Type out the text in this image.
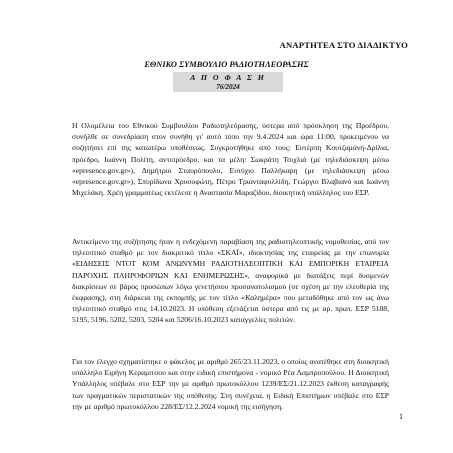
ΑΝΑΡΤΗΤΕΑ ΣΤΟ ΔΙΑΔΙΚΤΥΟ
ΕΘΝΙΚΟ ΣΥΜΒΟΥΛΙΟ ΡΑΔΙΟΤΗΛΕΟΡΑΣΗΣ
Α Π Ο Φ Α Σ Η
76/2024

Η Ολομέλεια του Εθνικού Συμβουλίου Ραδιοτηλεόρασης, ύστερα από πρόσκληση της Προέδρου, συνήλθε σε συνεδρίαση στον συνήθη γι' αυτό τόπο την 9.4.2024 και ώρα 11:00, προκειμένου να συζητήσει επί της κατωτέρω υποθέσεως. Συγκροτήθηκε από τους: Ευτέρπη Κουτζαμάνη-Δρίλια, πρόεδρο, Ιωάννη Πολίτη, αντιπρόεδρο, και τα μέλη: Σωκράτη Τσιχλιά (με τηλεδιάσκεψη μέσω «epresence.gov.gr»), Δημήτριο Σταυρόπουλο, Ευτύχιο Παλλήκαρη (με τηλεδιάσκεψη μέσω «epresence.gov.gr»), Σπυρίδωνα Χρυσοφώτη, Πέτρο Τριανταφυλλίδη, Γεώργιο Βλαβιανό και Ιωάννη Μιχελάκη. Χρέη γραμματέως εκτέλεσε η Αναστασία Μαραζίδου, διοικητική υπάλληλος του ΕΣΡ.

Αντικείμενο της συζήτησης ήταν η ενδεχόμενη παραβίαση της ραδιοτηλεοπτικής νομοθεσίας, από τον τηλεοπτικό σταθμό με τον διακριτικό τίτλο «ΣΚΑΪ», ιδιοκτησίας της εταιρείας με την επωνυμία «ΕΙΔΗΣΕΙΣ ΝΤΟΤ ΚΟΜ ΑΝΩΝΥΜΗ ΡΑΔΙΟΤΗΛΕΟΠΤΙΚΗ ΚΑΙ ΕΜΠΟΡΙΚΗ ΕΤΑΙΡΕΙΑ ΠΑΡΟΧΗΣ ΠΛΗΡΟΦΟΡΙΩΝ ΚΑΙ ΕΝΗΜΕΡΩΣΗΣ», αναφορικά με διατάξεις περί δυσμενών διακρίσεων σε βάρος προσώπων λόγω γενετήσιου προσανατολισμού (σε σχέση με την ελευθερία της έκφρασης), στη διάρκεια της εκπομπής με τον τίτλο «Καλημέρα» που μεταδόθηκε από τον ως άνω τηλεοπτικό σταθμό στις 14.10.2023. Η υπόθεση εξετάζεται ύστερα από τις με αρ. πρωτ. ΕΣΡ 5188, 5195, 5196, 5202, 5203, 5204 και 5206/16.10.2023 καταγγελίες πολιτών.

Για τον έλεγχο σχηματίστηκε ο φάκελος με αριθμό 265/23.11.2023, ο οποίος ανατέθηκε στη διοικητική υπάλληλο Ειρήνη Κεραμιτσου και στην ειδική επιστήμονα - νομικό Ρέα Λαμπροπούλου. Η Διοικητική Υπάλληλος υπέβαλε στο ΕΣΡ την με αριθμό πρωτοκόλλου 1239/ΕΣ/21.12.2023 έκθεση καταγραφής των πραγματικών περιστατικών της υπόθεσης. Στη συνέχεια, η Ειδική Επιστήμων υπέβαλε στο ΕΣΡ την με αριθμό πρωτοκόλλου 228/ΕΣ/12.2.2024 νομική της εισήγηση.

1
